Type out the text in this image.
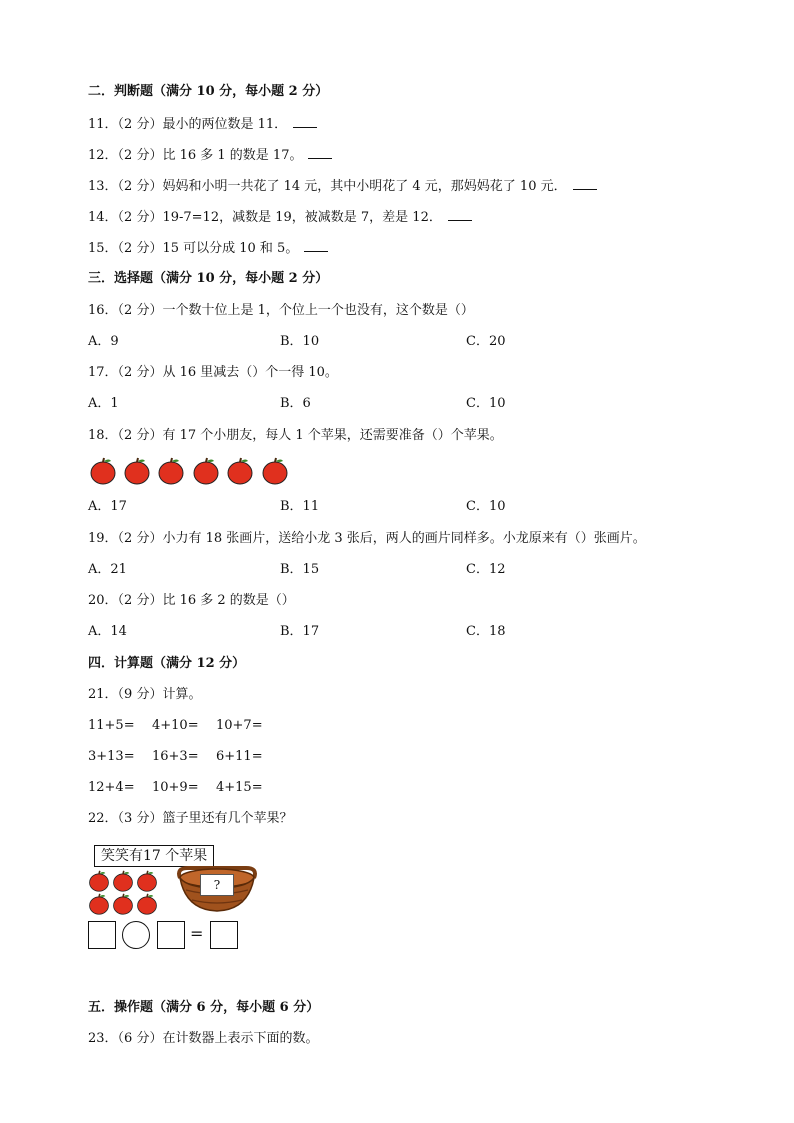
二．判断题（满分 10 分，每小题 2 分）
11．（2 分）最小的两位数是 11．
12．（2 分）比 16 多 1 的数是 17。
13．（2 分）妈妈和小明一共花了 14 元，其中小明花了 4 元，那妈妈花了 10 元．
14．（2 分）19-7=12，减数是 19，被减数是 7，差是 12．
15．（2 分）15 可以分成 10 和 5。
三．选择题（满分 10 分，每小题 2 分）
16．（2 分）一个数十位上是 1，个位上一个也没有，这个数是（）
A．9	B．10	C．20
17．（2 分）从 16 里减去（）个一得 10。
A．1	B．6	C．10
18．（2 分）有 17 个小朋友，每人 1 个苹果，还需要准备（）个苹果。
A．17	B．11	C．10
19．（2 分）小力有 18 张画片，送给小龙 3 张后，两人的画片同样多。小龙原来有（）张画片。
A．21	B．15	C．12
20．（2 分）比 16 多 2 的数是（）
A．14	B．17	C．18
四．计算题（满分 12 分）
21．（9 分）计算。
11+5= 4+10= 10+7=
3+13= 16+3= 6+11=
12+4= 10+9= 4+15=
22．（3 分）篮子里还有几个苹果？
笑笑有17 个苹果
?
=
五．操作题（满分 6 分，每小题 6 分）
23．（6 分）在计数器上表示下面的数。
